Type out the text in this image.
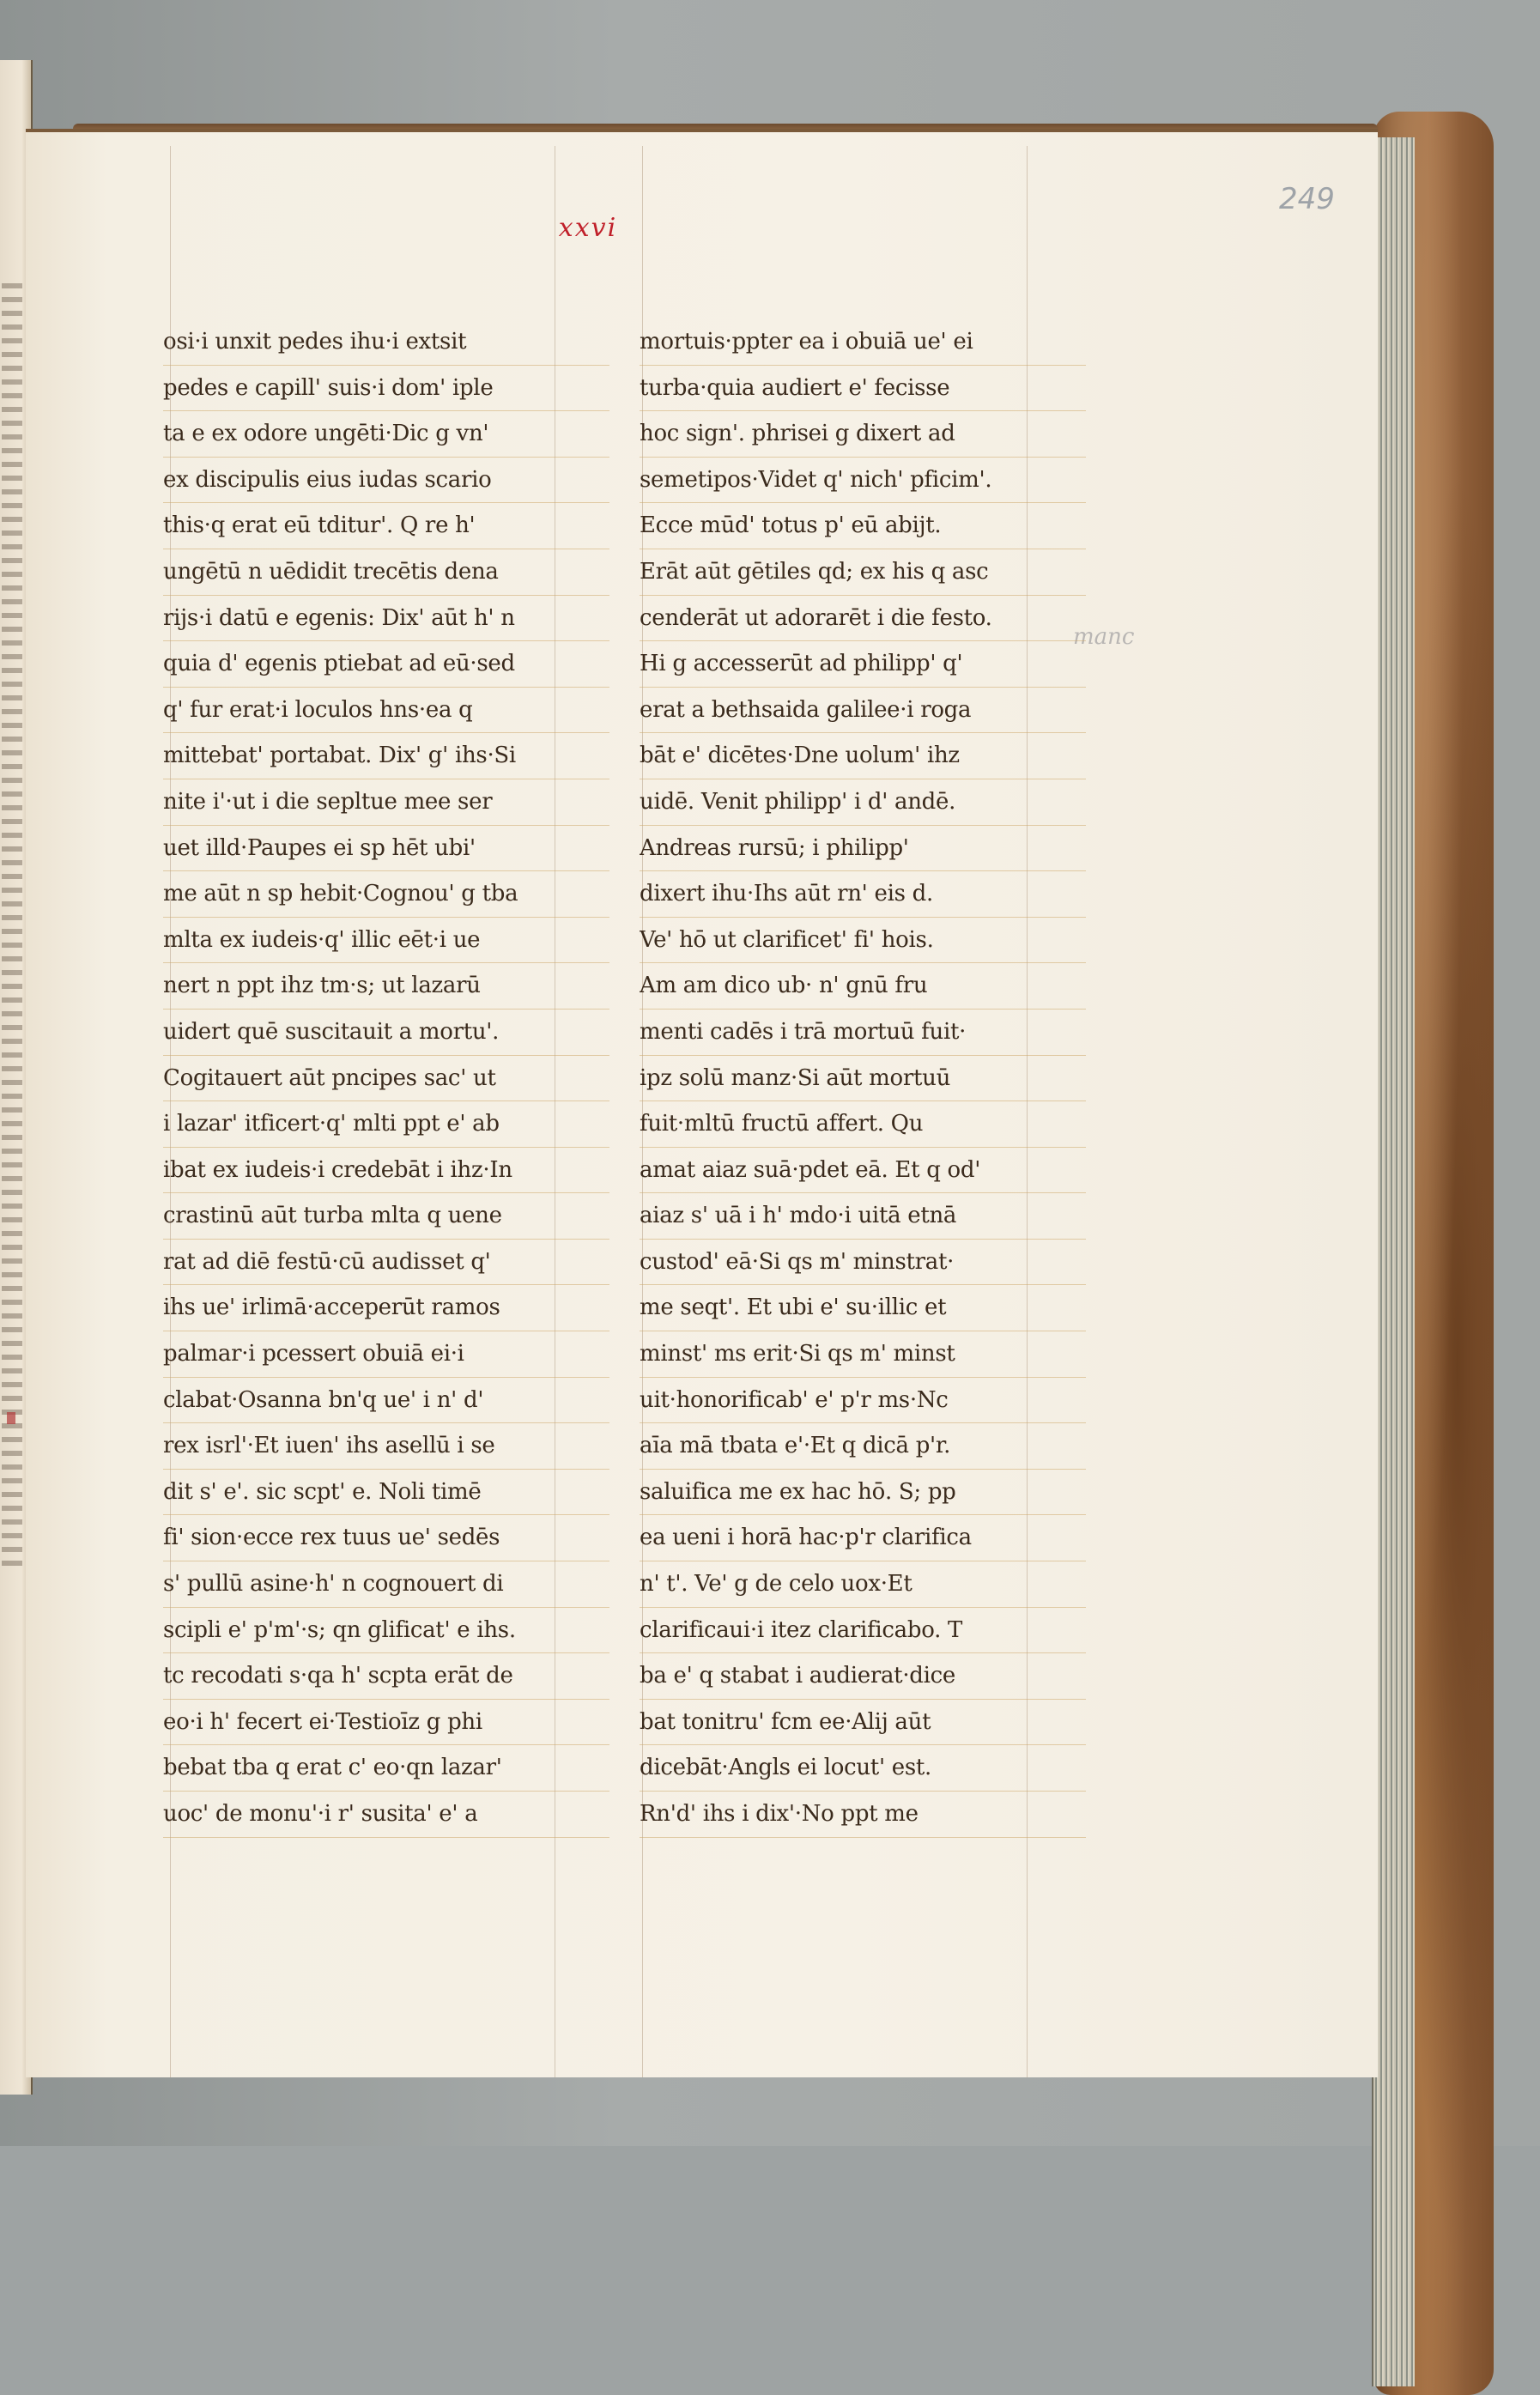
xxvi
249
manc
osi·i unxit pedes ihu·i extsit
pedes e capill' suis·i dom' iple
ta e ex odore ungēti·Dic g vn'
ex discipulis eius iudas scario
this·q erat eū tditur'. Q re h'
ungētū n uēdidit trecētis dena
rijs·i datū e egenis: Dix' aūt h' n
quia d' egenis ptiebat ad eū·sed
q' fur erat·i loculos hns·ea q
mittebat' portabat. Dix' g' ihs·Si
nite i'·ut i die sepltue mee ser
uet illd·Paupes ei sp hēt ubi'
me aūt n sp hebit·Cognou' g tba
mlta ex iudeis·q' illic eēt·i ue
nert n ppt ihz tm·s; ut lazarū
uidert quē suscitauit a mortu'.
Cogitauert aūt pncipes sac' ut
i lazar' itficert·q' mlti ppt e' ab
ibat ex iudeis·i credebāt i ihz·In
crastinū aūt turba mlta q uene
rat ad diē festū·cū audisset q'
ihs ue' irlimā·acceperūt ramos
palmar·i pcessert obuiā ei·i
clabat·Osanna bn'q ue' i n' d'
rex isrl'·Et iuen' ihs asellū i se
dit s' e'. sic scpt' e. Noli timē
fi' sion·ecce rex tuus ue' sedēs
s' pullū asine·h' n cognouert di
scipli e' p'm'·s; qn glificat' e ihs.
tc recodati s·qa h' scpta erāt de
eo·i h' fecert ei·Testioīz g phi
bebat tba q erat c' eo·qn lazar'
uoc' de monu'·i r' susita' e' a
mortuis·ppter ea i obuiā ue' ei
turba·quia audiert e' fecisse
hoc sign'. phrisei g dixert ad
semetipos·Videt q' nich' pficim'.
Ecce mūd' totus p' eū abijt.
Erāt aūt gētiles qd; ex his q asc
cenderāt ut adorarēt i die festo.
Hi g accesserūt ad philipp' q'
erat a bethsaida galilee·i roga
bāt e' dicētes·Dne uolum' ihz
uidē. Venit philipp' i d' andē.
Andreas rursū; i philipp'
dixert ihu·Ihs aūt rn' eis d.
Ve' hō ut clarificet' fi' hois.
Am am dico ub· n' gnū fru
menti cadēs i trā mortuū fuit·
ipz solū manz·Si aūt mortuū
fuit·mltū fructū affert. Qu
amat aiaz suā·pdet eā. Et q od'
aiaz s' uā i h' mdo·i uitā etnā
custod' eā·Si qs m' minstrat·
me seqt'. Et ubi e' su·illic et
minst' ms erit·Si qs m' minst
uit·honorificab' e' p'r ms·Nc
aīa mā tbata e'·Et q dicā p'r.
saluifica me ex hac hō. S; pp
ea ueni i horā hac·p'r clarifica
n' t'. Ve' g de celo uox·Et
clarificaui·i itez clarificabo. T
ba e' q stabat i audierat·dice
bat tonitru' fcm ee·Alij aūt
dicebāt·Angls ei locut' est.
Rn'd' ihs i dix'·No ppt me
